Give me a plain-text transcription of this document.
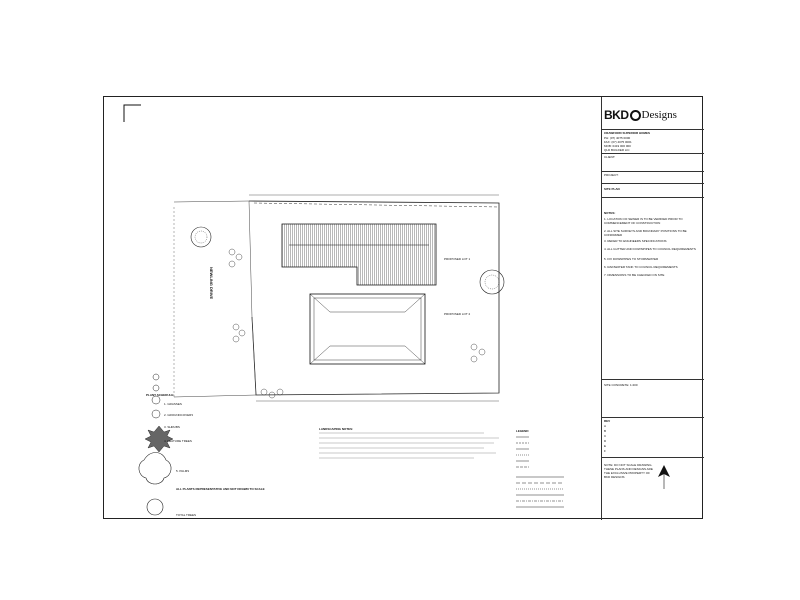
NEWLING DRIVE
PROPOSED LOT 1
PROPOSED LOT 2
PLANT SCHEDULE:
1. GRASSES
2. GROUNDCOVERS
3. SHRUBS
4. FEATURE TREES
5. PALMS
ALL PLANTS REPRESENTATIVE AND NOT DRAWN TO SCALE
TOTAL TREES
LANDSCAPING NOTES:	LEGEND
BKD Designs
CRAWFORD SUPERIOR HOMES
PH: (07) 4075 0000
FAX: (07) 4075 0001
MOB: 0419 000 000
QLD BUILDER LIC
CLIENT:
PROJECT:
SITE PLAN
NOTES:
1. LOCATION OF SEWER IS TO BE VERIFIED PRIOR TO COMMENCEMENT OF CONSTRUCTION
2. ALL SITE SURVEYS AND BOUNDARY POSITIONS TO BE CONFIRMED
3. REFER TO ENGINEERS SPECIFICATIONS
4. ALL GUTTER AND DOWNPIPES TO COUNCIL REQUIREMENTS
5. FIX DOWNPIPES TO STORMWATER
6. RAINWATER TANK TO COUNCIL REQUIREMENTS
7. DIMENSIONS TO BE CHECKED ON SITE
SITE CONCRETE: 1:200
REV
A
B
C
D
E
F
NOTE: DO NOT SCALE DRAWING. THESE PLANS AND DESIGNS ARE THE EXCLUSIVE PROPERTY OF BKD DESIGNS
